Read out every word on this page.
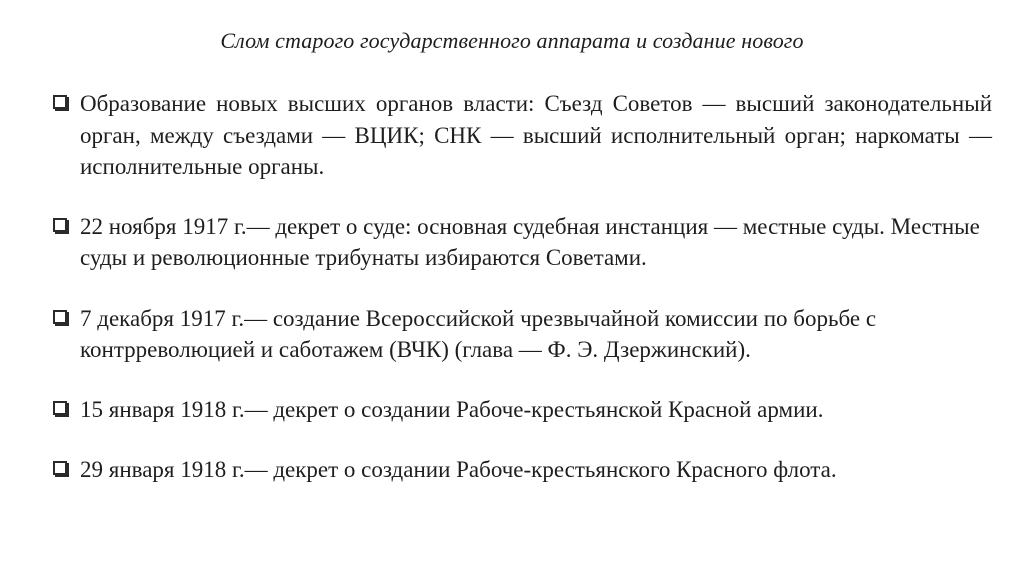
Слом старого государственного аппарата и создание нового
Образование новых высших органов власти: Съезд Советов — высший законодательный орган, между съездами — ВЦИК; СНК — высший исполнительный орган; наркоматы — исполнительные органы.
22 ноября 1917 г.— декрет о суде: основная судебная инстанция — местные суды. Местные суды и революционные трибунаты избираются Советами.
7 декабря 1917 г.— создание Всероссийской чрезвычайной комиссии по борьбе с контрреволюцией и саботажем (ВЧК) (глава — Ф. Э. Дзержинский).
15 января 1918 г.— декрет о создании Рабоче-крестьянской Красной армии.
29 января 1918 г.— декрет о создании Рабоче-крестьянского Красного флота.
